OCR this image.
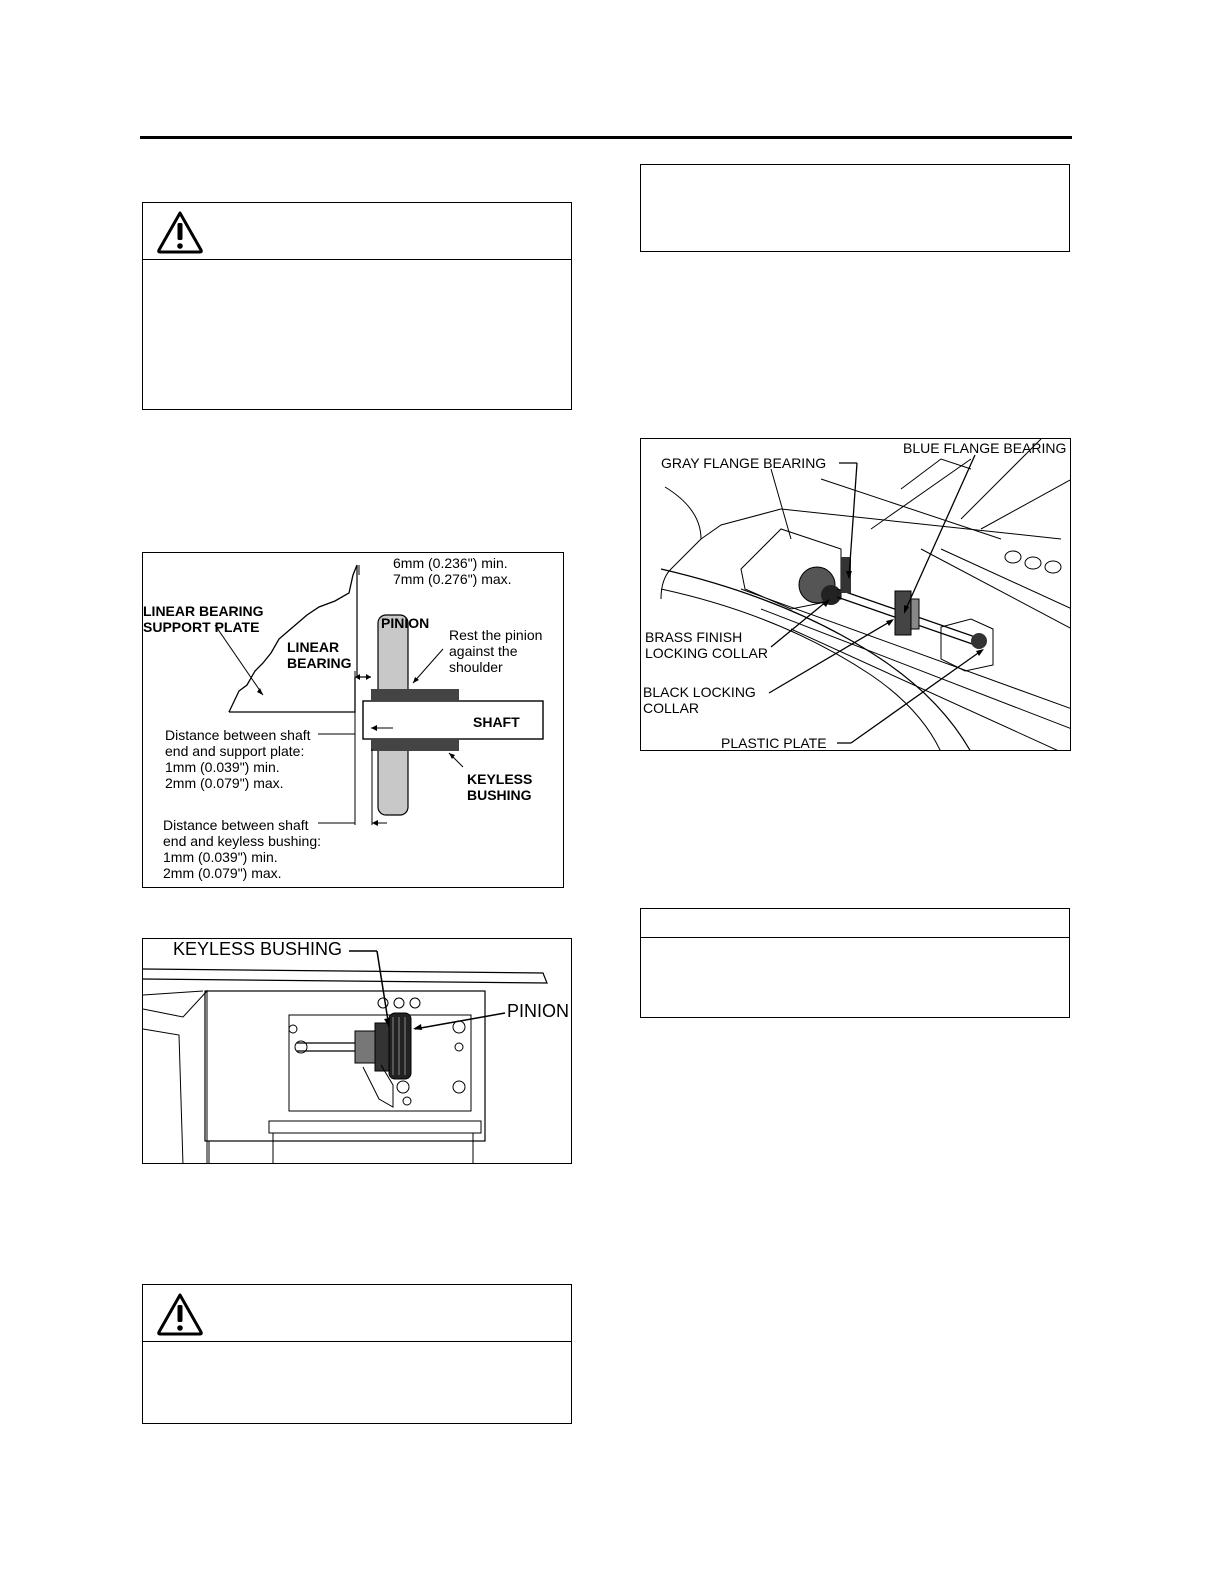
6mm (0.236") min.
7mm (0.276") max.
LINEAR BEARING
SUPPORT PLATE
LINEAR
BEARING
PINION
Rest the pinion
against the
shoulder
SHAFT
Distance between shaft
end and support plate:
1mm (0.039") min.
2mm (0.079") max.	KEYLESS
BUSHING
Distance between shaft
end and keyless bushing:
1mm (0.039") min.
2mm (0.079") max.
KEYLESS BUSHING
PINION
GRAY FLANGE BEARING
BLUE FLANGE BEARING
BRASS FINISH
LOCKING COLLAR
BLACK LOCKING
COLLAR
PLASTIC PLATE
